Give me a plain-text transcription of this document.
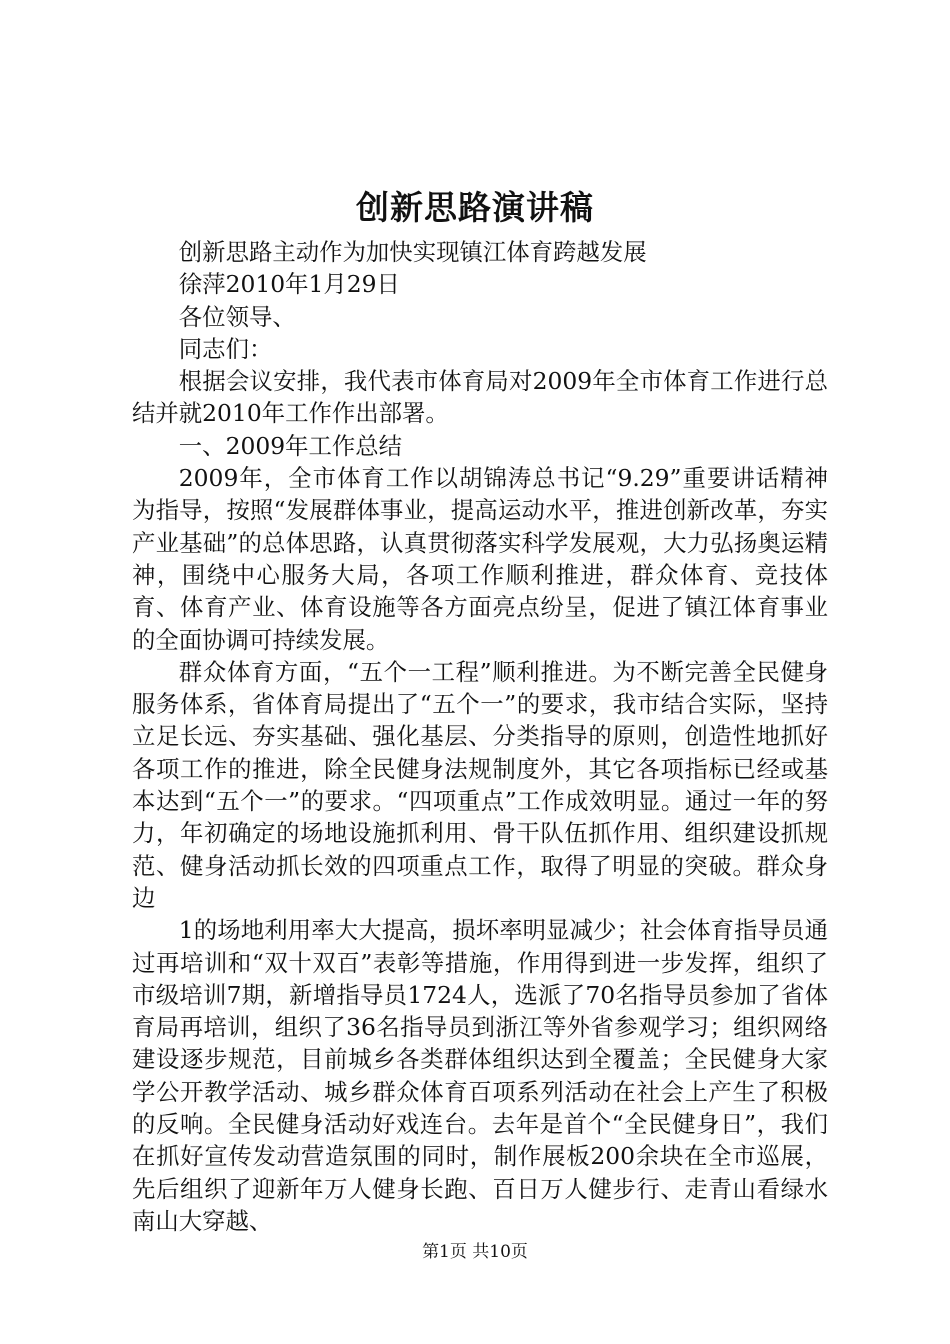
创新思路演讲稿

创新思路主动作为加快实现镇江体育跨越发展

徐萍2010年1月29日

各位领导、

同志们：

根据会议安排，我代表市体育局对2009年全市体育工作进行总结并就2010年工作作出部署。

一、2009年工作总结

2009年，全市体育工作以胡锦涛总书记“9.29”重要讲话精神为指导，按照“发展群体事业，提高运动水平，推进创新改革，夯实产业基础”的总体思路，认真贯彻落实科学发展观，大力弘扬奥运精神，围绕中心服务大局，各项工作顺利推进，群众体育、竞技体育、体育产业、体育设施等各方面亮点纷呈，促进了镇江体育事业的全面协调可持续发展。

群众体育方面，“五个一工程”顺利推进。为不断完善全民健身服务体系，省体育局提出了“五个一”的要求，我市结合实际，坚持立足长远、夯实基础、强化基层、分类指导的原则，创造性地抓好各项工作的推进，除全民健身法规制度外，其它各项指标已经或基本达到“五个一”的要求。“四项重点”工作成效明显。通过一年的努力，年初确定的场地设施抓利用、骨干队伍抓作用、组织建设抓规范、健身活动抓长效的四项重点工作，取得了明显的突破。群众身边

1的场地利用率大大提高，损坏率明显减少；社会体育指导员通过再培训和“双十双百”表彰等措施，作用得到进一步发挥，组织了市级培训7期，新增指导员1724人，选派了70名指导员参加了省体育局再培训，组织了36名指导员到浙江等外省参观学习；组织网络建设逐步规范，目前城乡各类群体组织达到全覆盖；全民健身大家学公开教学活动、城乡群众体育百项系列活动在社会上产生了积极的反响。全民健身活动好戏连台。去年是首个“全民健身日”，我们在抓好宣传发动营造氛围的同时，制作展板200余块在全市巡展，先后组织了迎新年万人健身长跑、百日万人健步行、走青山看绿水南山大穿越、

第1页 共10页
